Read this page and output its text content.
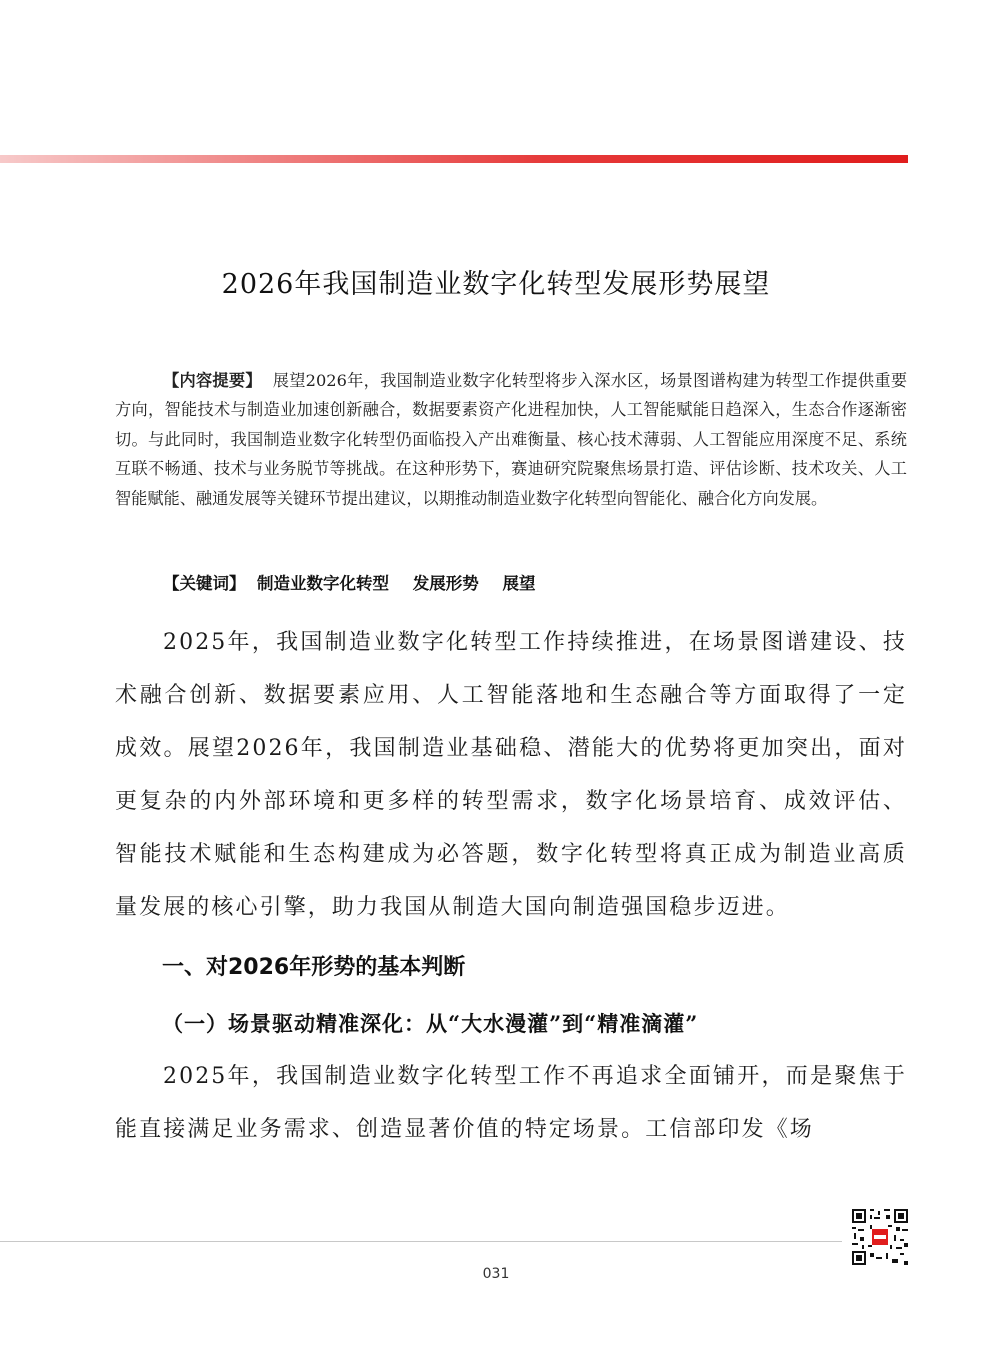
2026年我国制造业数字化转型发展形势展望
【内容提要】 展望2026年，我国制造业数字化转型将步入深水区，场景图谱构建为转型工作提供重要方向，智能技术与制造业加速创新融合，数据要素资产化进程加快，人工智能赋能日趋深入，生态合作逐渐密切。与此同时，我国制造业数字化转型仍面临投入产出难衡量、核心技术薄弱、人工智能应用深度不足、系统互联不畅通、技术与业务脱节等挑战。在这种形势下，赛迪研究院聚焦场景打造、评估诊断、技术攻关、人工智能赋能、融通发展等关键环节提出建议，以期推动制造业数字化转型向智能化、融合化方向发展。
【关键词】 制造业数字化转型 发展形势 展望
2025年，我国制造业数字化转型工作持续推进，在场景图谱建设、技术融合创新、数据要素应用、人工智能落地和生态融合等方面取得了一定成效。展望2026年，我国制造业基础稳、潜能大的优势将更加突出，面对更复杂的内外部环境和更多样的转型需求，数字化场景培育、成效评估、智能技术赋能和生态构建成为必答题，数字化转型将真正成为制造业高质量发展的核心引擎，助力我国从制造大国向制造强国稳步迈进。
一、对2026年形势的基本判断
（一）场景驱动精准深化：从“大水漫灌”到“精准滴灌”
2025年，我国制造业数字化转型工作不再追求全面铺开，而是聚焦于能直接满足业务需求、创造显著价值的特定场景。工信部印发《场
031
